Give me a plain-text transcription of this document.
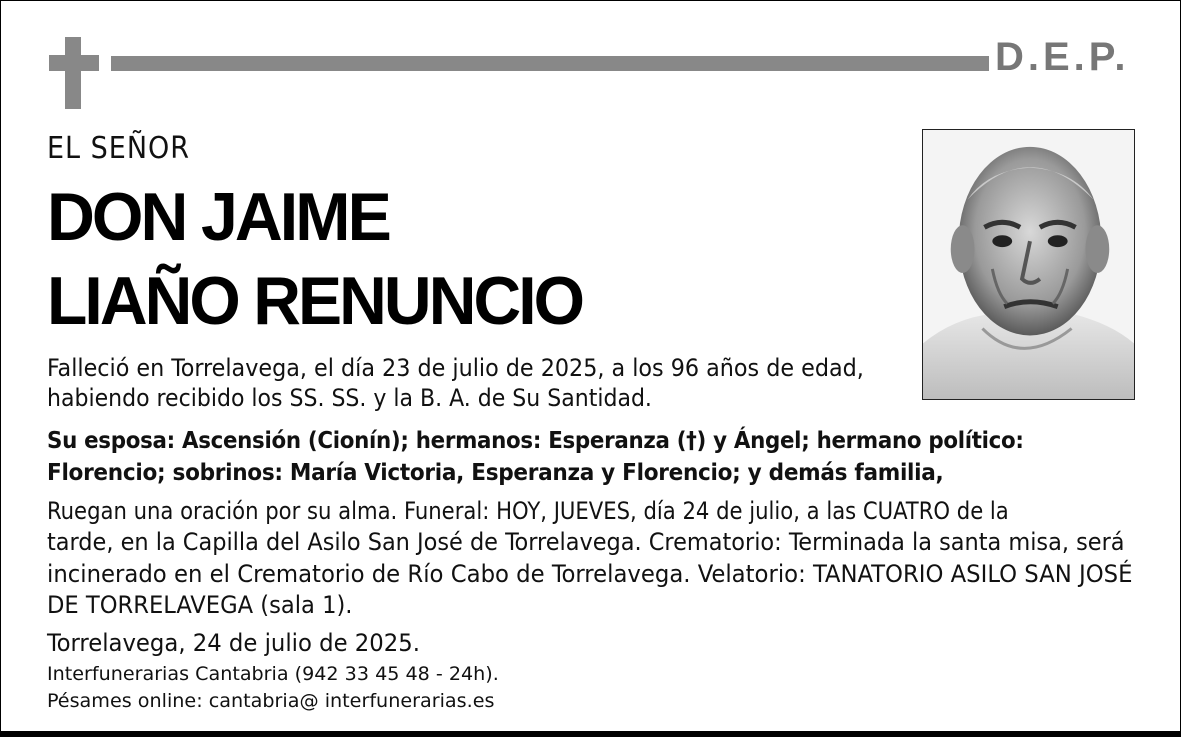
D.E.P.
EL SEÑOR
DON JAIME
LIAÑO RENUNCIO
Falleció en Torrelavega, el día 23 de julio de 2025, a los 96 años de edad,
habiendo recibido los SS. SS. y la B. A. de Su Santidad.
Su esposa: Ascensión (Cionín); hermanos: Esperanza (†) y Ángel; hermano político:
Florencio; sobrinos: María Victoria, Esperanza y Florencio; y demás familia,
Ruegan una oración por su alma. Funeral: HOY, JUEVES, día 24 de julio, a las CUATRO de la
tarde, en la Capilla del Asilo San José de Torrelavega. Crematorio: Terminada la santa misa, será
incinerado en el Crematorio de Río Cabo de Torrelavega. Velatorio: TANATORIO ASILO SAN JOSÉ
DE TORRELAVEGA (sala 1).
Torrelavega, 24 de julio de 2025.
Interfunerarias Cantabria (942 33 45 48 - 24h).
Pésames online: cantabria@ interfunerarias.es
